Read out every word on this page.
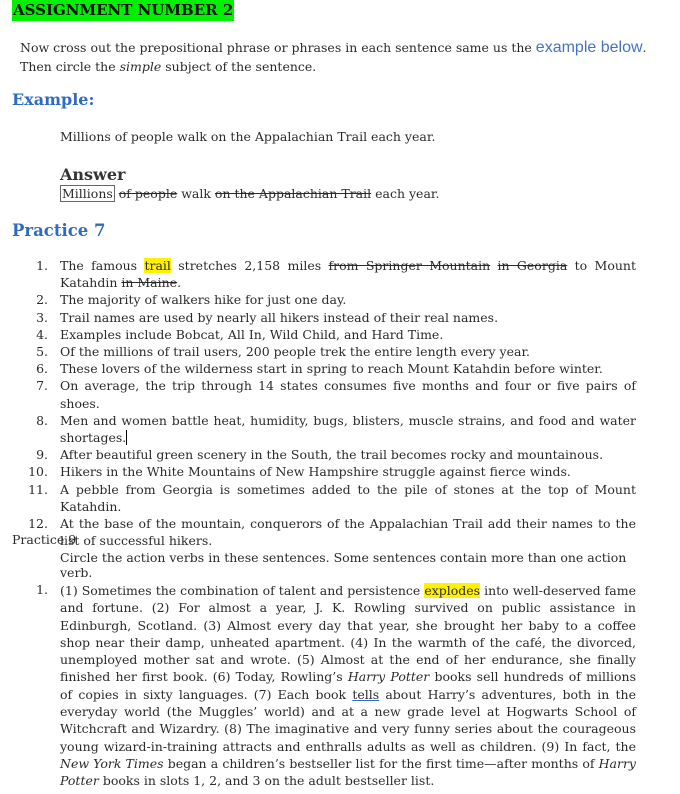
ASSIGNMENT NUMBER 2
Now cross out the prepositional phrase or phrases in each sentence same us the example below. Then circle the simple subject of the sentence.
Example:
Millions of people walk on the Appalachian Trail each year.
Answer
Millions of people walk on the Appalachian Trail each year.
Practice 7
1. The famous trail stretches 2,158 miles from Springer Mountain in Georgia to Mount Katahdin in Maine.
2. The majority of walkers hike for just one day.
3. Trail names are used by nearly all hikers instead of their real names.
4. Examples include Bobcat, All In, Wild Child, and Hard Time.
5. Of the millions of trail users, 200 people trek the entire length every year.
6. These lovers of the wilderness start in spring to reach Mount Katahdin before winter.
7. On average, the trip through 14 states consumes five months and four or five pairs of shoes.
8. Men and women battle heat, humidity, bugs, blisters, muscle strains, and food and water shortages.
9. After beautiful green scenery in the South, the trail becomes rocky and mountainous.
10. Hikers in the White Mountains of New Hampshire struggle against fierce winds.
11. A pebble from Georgia is sometimes added to the pile of stones at the top of Mount Katahdin.
12. At the base of the mountain, conquerors of the Appalachian Trail add their names to the list of successful hikers.
Practice 9
Circle the action verbs in these sentences. Some sentences contain more than one action verb.
1. (1) Sometimes the combination of talent and persistence explodes into well-deserved fame and fortune. (2) For almost a year, J. K. Rowling survived on public assistance in Edinburgh, Scotland. (3) Almost every day that year, she brought her baby to a coffee shop near their damp, unheated apartment. (4) In the warmth of the café, the divorced, unemployed mother sat and wrote. (5) Almost at the end of her endurance, she finally finished her first book. (6) Today, Rowling’s Harry Potter books sell hundreds of millions of copies in sixty languages. (7) Each book tells about Harry’s adventures, both in the everyday world (the Muggles’ world) and at a new grade level at Hogwarts School of Witchcraft and Wizardry. (8) The imaginative and very funny series about the courageous young wizard-in-training attracts and enthralls adults as well as children. (9) In fact, the New York Times began a children’s bestseller list for the first time—after months of Harry Potter books in slots 1, 2, and 3 on the adult bestseller list.
